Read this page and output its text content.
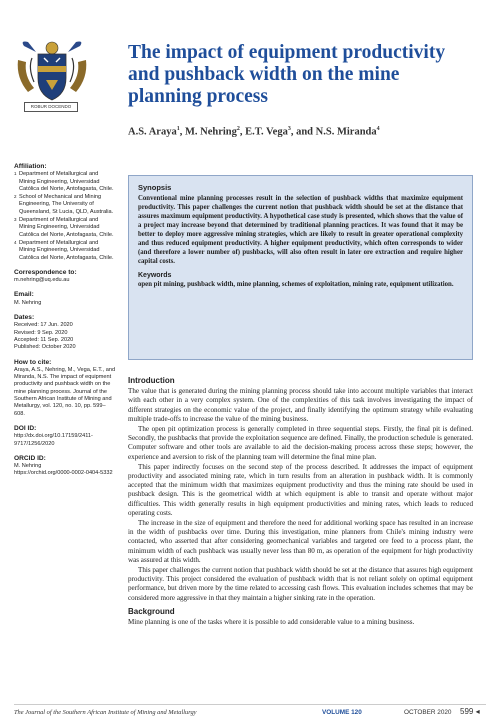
ROBUR DOCENDO
The impact of equipment productivity and pushback width on the mine planning process
A.S. Araya$^1$, M. Nehring$^2$, E.T. Vega$^3$, and N.S. Miranda$^4$
Affiliation:
1 Department of Metallurgical and Mining Engineering, Universidad Católica del Norte, Antofagasta, Chile.
2 School of Mechanical and Mining Engineering, The University of Queensland, St Lucia, QLD, Australia.
3 Department of Metallurgical and Mining Engineering, Universidad Católica del Norte, Antofagasta, Chile.
4 Department of Metallurgical and Mining Engineering, Universidad Católica del Norte, Antofagasta, Chile.
Correspondence to:
m.nehring@uq.edu.au
Email:
M. Nehring
Dates:
Received: 17 Jun. 2020
Revised: 9 Sep. 2020
Accepted: 11 Sep. 2020
Published: October 2020
How to cite:
Araya, A.S., Nehring, M., Vega, E.T., and Miranda, N.S. The impact of equipment productivity and pushback width on the mine planning process. Journal of the Southern African Institute of Mining and Metallurgy, vol. 120, no. 10, pp. 599–608.
DOI ID:
http://dx.doi.org/10.17159/2411-9717/1256/2020
ORCID ID:
M. Nehring
https://orchid.org/0000-0002-0404-5332
Synopsis
Conventional mine planning processes result in the selection of pushback widths that maximize equipment productivity. This paper challenges the current notion that pushback width should be set at the distance that assures maximum equipment productivity. A hypothetical case study is presented, which shows that the value of a project may increase beyond that determined by traditional planning practices. It was found that it may be better to deploy more aggressive mining strategies, which are likely to result in greater operational complexity and thus reduced equipment productivity. A higher equipment productivity, which often corresponds to wider (and therefore a lower number of) pushbacks, will also often result in later ore extraction and require higher capital costs.
Keywords
open pit mining, pushback width, mine planning, schemes of exploitation, mining rate, equipment utilization.
Introduction
The value that is generated during the mining planning process should take into account multiple variables that interact with each other in a very complex system. One of the complexities of this task involves investigating the impact of different strategies on the economic value of the project, and finally identifying the optimum strategy while evaluating multiple trade-offs to increase the value of the mining business.
The open pit optimization process is generally completed in three sequential steps. Firstly, the final pit is defined. Secondly, the pushbacks that provide the exploitation sequence are defined. Finally, the production schedule is generated. Computer software and other tools are available to aid the decision-making process across these steps; however, the experience and aversion to risk of the planning team will determine the final mine plan.
This paper indirectly focuses on the second step of the process described. It addresses the impact of equipment productivity and associated mining rate, which in turn results from an alteration in pushback width. It is commonly accepted that the minimum width that maximizes equipment productivity and thus the mining rate should be used in pushback design. This is the geometrical width at which equipment is able to transit and operate without major difficulties. This width generally results in high equipment productivities and mining rates, which leads to reduced operating costs.
The increase in the size of equipment and therefore the need for additional working space has resulted in an increase in the width of pushbacks over time. During this investigation, mine planners from Chile's mining industry were contacted, who asserted that after considering geomechanical variables and targeted ore feed to a process plant, the minimum width of each pushback was usually never less than 80 m, as operation of the equipment for high productivity was assured at this width.
This paper challenges the current notion that pushback width should be set at the distance that assures high equipment productivity. This project considered the evaluation of pushback width that is not reliant solely on optimal equipment performance, but driven more by the time related to accessing cash flows. This evaluation includes schemes that may be considered more aggressive in that they maintain a higher sinking rate in the operation.
Background
Mine planning is one of the tasks where it is possible to add considerable value to a mining business.
The Journal of the Southern African Institute of Mining and Metallurgy	VOLUME 120	OCTOBER 2020 599 ◂
